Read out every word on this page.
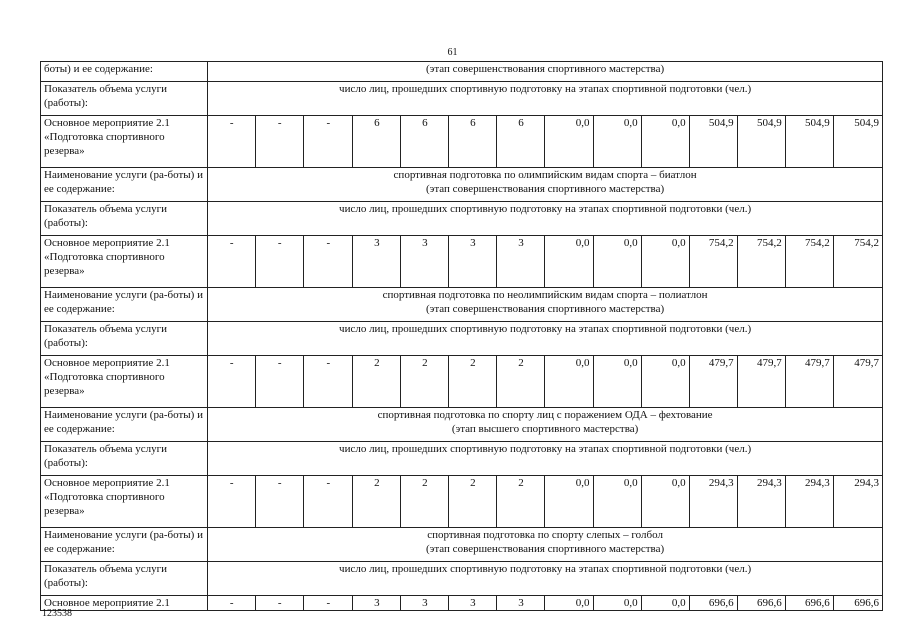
61
боты) и ее содержание:	(этап совершенствования спортивного мастерства)													

Показатель объема услуги (работы):	число лиц, прошедших спортивную подготовку на этапах спортивной подготовки (чел.)													
Основное мероприятие 2.1 «Подготовка спортивного резерва»	-	-	-	6	6	6	6	0,0	0,0	0,0	504,9	504,9	504,9	504,9
Наименование услуги (ра-боты) и ее содержание:	спортивная подготовка по олимпийским видам спорта – биатлон
(этап совершенствования спортивного мастерства)													

Показатель объема услуги (работы):	число лиц, прошедших спортивную подготовку на этапах спортивной подготовки (чел.)													
Основное мероприятие 2.1 «Подготовка спортивного резерва»	-	-	-	3	3	3	3	0,0	0,0	0,0	754,2	754,2	754,2	754,2
Наименование услуги (ра-боты) и ее содержание:	спортивная подготовка по неолимпийским видам спорта – полиатлон
(этап совершенствования спортивного мастерства)													

Показатель объема услуги (работы):	число лиц, прошедших спортивную подготовку на этапах спортивной подготовки (чел.)													
Основное мероприятие 2.1 «Подготовка спортивного резерва»	-	-	-	2	2	2	2	0,0	0,0	0,0	479,7	479,7	479,7	479,7
Наименование услуги (ра-боты) и ее содержание:	спортивная подготовка по спорту лиц с поражением ОДА – фехтование
(этап высшего спортивного мастерства)													

Показатель объема услуги (работы):	число лиц, прошедших спортивную подготовку на этапах спортивной подготовки (чел.)													
Основное мероприятие 2.1 «Подготовка спортивного резерва»	-	-	-	2	2	2	2	0,0	0,0	0,0	294,3	294,3	294,3	294,3
Наименование услуги (ра-боты) и ее содержание:	спортивная подготовка по спорту слепых – голбол
(этап совершенствования спортивного мастерства)													

Показатель объема услуги (работы):	число лиц, прошедших спортивную подготовку на этапах спортивной подготовки (чел.)													
Основное мероприятие 2.1	-	-	-	3	3	3	3	0,0	0,0	0,0	696,6	696,6	696,6	696,6
123538
